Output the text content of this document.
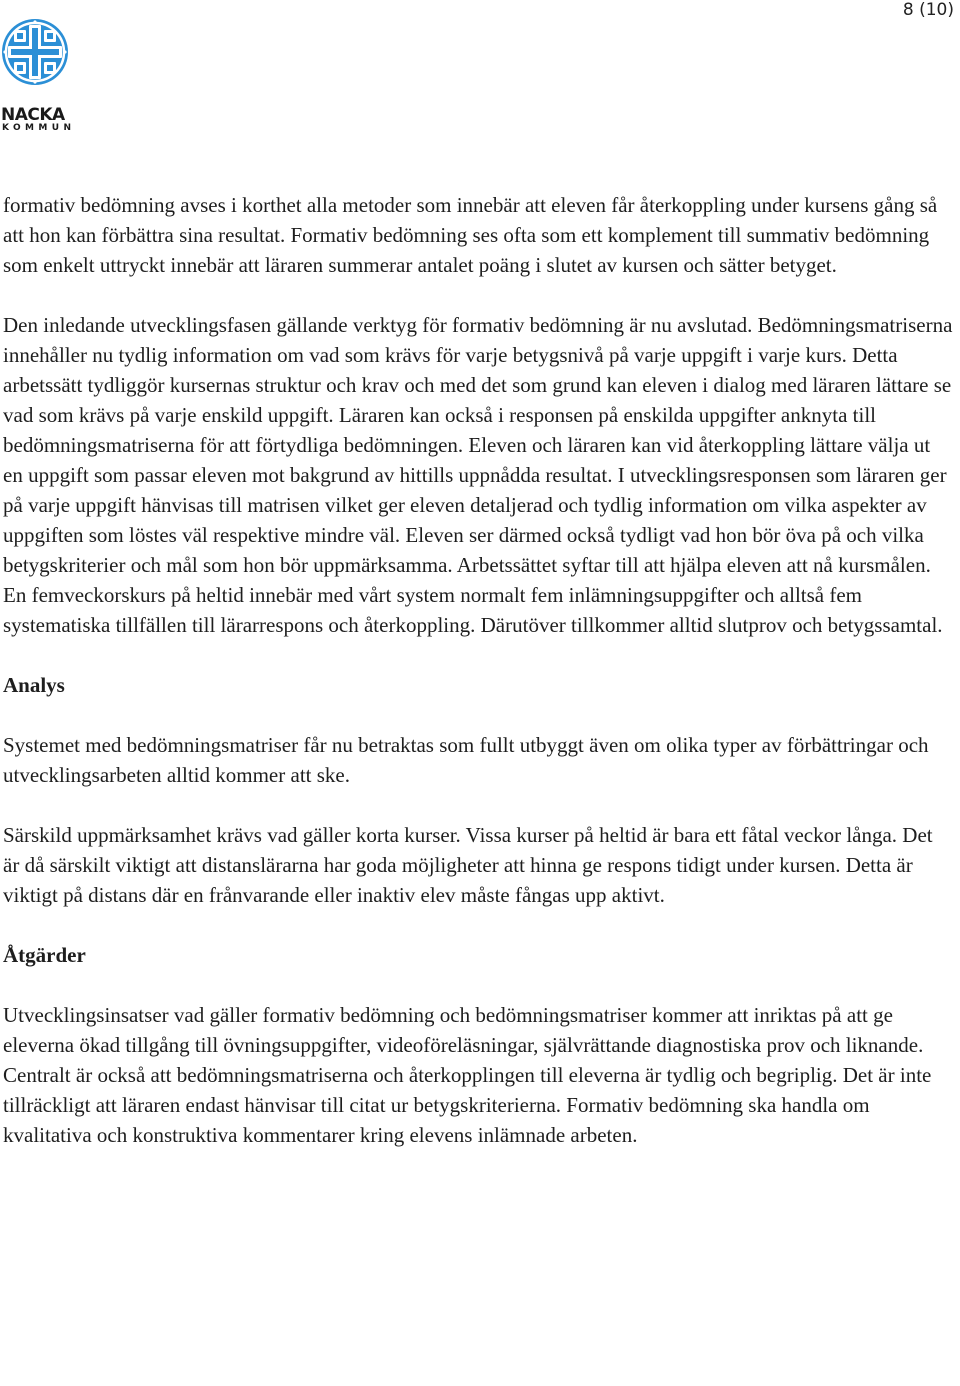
8 (10)
NACKA
KOMMUN

formativ bedömning avses i korthet alla metoder som innebär att eleven får återkoppling under kursens gång så att hon kan förbättra sina resultat. Formativ bedömning ses ofta som ett komplement till summativ bedömning som enkelt uttryckt innebär att läraren summerar antalet poäng i slutet av kursen och sätter betyget.

Den inledande utvecklingsfasen gällande verktyg för formativ bedömning är nu avslutad. Bedömningsmatriserna innehåller nu tydlig information om vad som krävs för varje betygsnivå på varje uppgift i varje kurs. Detta arbetssätt tydliggör kursernas struktur och krav och med det som grund kan eleven i dialog med läraren lättare se vad som krävs på varje enskild uppgift. Läraren kan också i responsen på enskilda uppgifter anknyta till bedömningsmatriserna för att förtydliga bedömningen. Eleven och läraren kan vid återkoppling lättare välja ut en uppgift som passar eleven mot bakgrund av hittills uppnådda resultat. I utvecklingsresponsen som läraren ger på varje uppgift hänvisas till matrisen vilket ger eleven detaljerad och tydlig information om vilka aspekter av uppgiften som löstes väl respektive mindre väl. Eleven ser därmed också tydligt vad hon bör öva på och vilka betygskriterier och mål som hon bör uppmärksamma. Arbetssättet syftar till att hjälpa eleven att nå kursmålen. En femveckorskurs på heltid innebär med vårt system normalt fem inlämningsuppgifter och alltså fem systematiska tillfällen till lärarrespons och återkoppling. Därutöver tillkommer alltid slutprov och betygssamtal.

Analys

Systemet med bedömningsmatriser får nu betraktas som fullt utbyggt även om olika typer av förbättringar och utvecklingsarbeten alltid kommer att ske.

Särskild uppmärksamhet krävs vad gäller korta kurser. Vissa kurser på heltid är bara ett fåtal veckor långa. Det är då särskilt viktigt att distanslärarna har goda möjligheter att hinna ge respons tidigt under kursen. Detta är viktigt på distans där en frånvarande eller inaktiv elev måste fångas upp aktivt.

Åtgärder

Utvecklingsinsatser vad gäller formativ bedömning och bedömningsmatriser kommer att inriktas på att ge eleverna ökad tillgång till övningsuppgifter, videoföreläsningar, självrättande diagnostiska prov och liknande. Centralt är också att bedömningsmatriserna och återkopplingen till eleverna är tydlig och begriplig. Det är inte tillräckligt att läraren endast hänvisar till citat ur betygskriterierna. Formativ bedömning ska handla om kvalitativa och konstruktiva kommentarer kring elevens inlämnade arbeten.
